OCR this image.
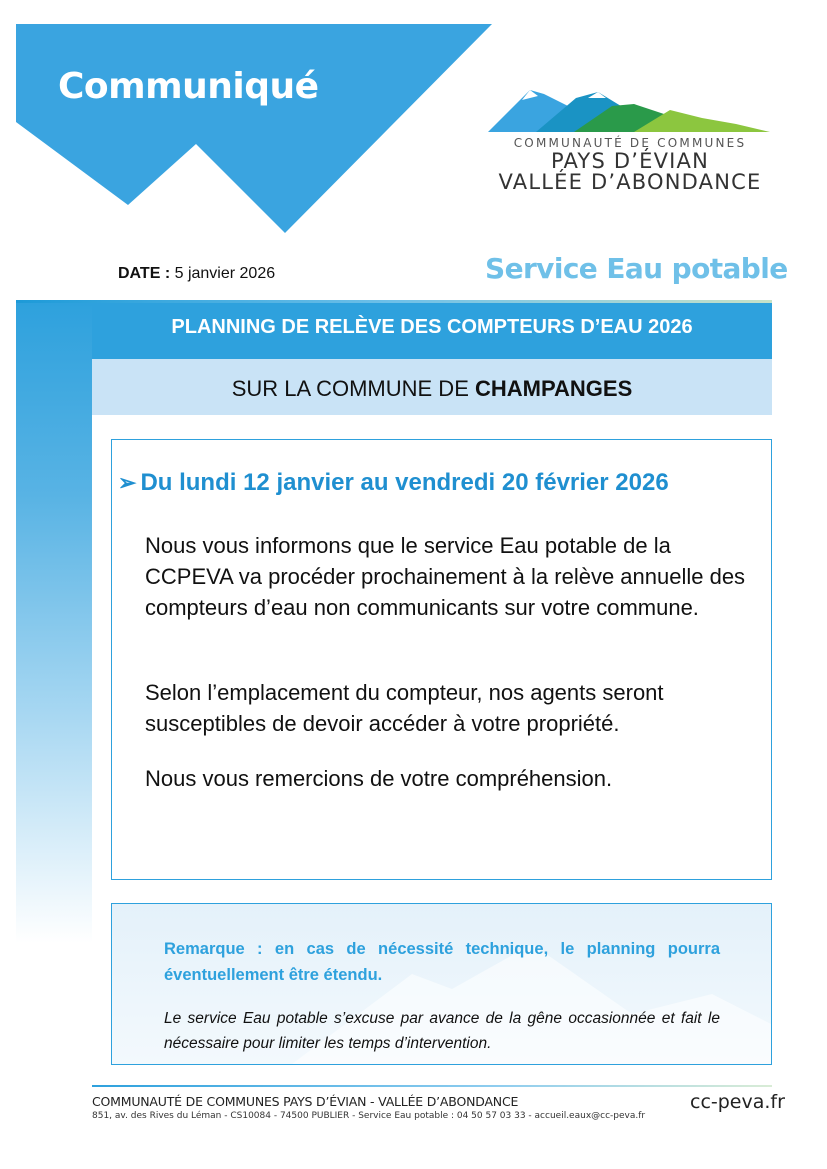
Communiqué
COMMUNAUTÉ DE COMMUNES
PAYS D’ÉVIAN
VALLÉE D’ABONDANCE
DATE : 5 janvier 2026	Service Eau potable
PLANNING DE RELÈVE DES COMPTEURS D’EAU 2026
SUR LA COMMUNE DE CHAMPANGES
➢ Du lundi 12 janvier au vendredi 20 février 2026
Nous vous informons que le service Eau potable de la CCPEVA va procéder prochainement à la relève annuelle des compteurs d’eau non communicants sur votre commune.
Selon l’emplacement du compteur, nos agents seront susceptibles de devoir accéder à votre propriété.
Nous vous remercions de votre compréhension.
Remarque : en cas de nécessité technique, le planning pourra éventuellement être étendu.
Le service Eau potable s’excuse par avance de la gêne occasionnée et fait le nécessaire pour limiter les temps d’intervention.
COMMUNAUTÉ DE COMMUNES PAYS D’ÉVIAN - VALLÉE D’ABONDANCE
851, av. des Rives du Léman - CS10084 - 74500 PUBLIER - Service Eau potable : 04 50 57 03 33 - accueil.eaux@cc-peva.fr
cc-peva.fr
